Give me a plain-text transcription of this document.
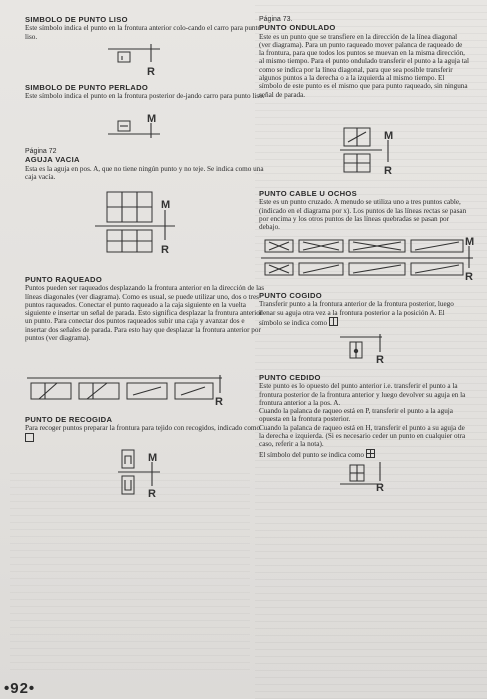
SIMBOLO DE PUNTO LISO

Este símbolo indica el punto en la frontura anterior colo-cando el carro para punto liso.

R

SIMBOLO DE PUNTO PERLADO

Este símbolo indica el punto en la frontura posterior de-jando carro para punto liso.

M

Página 72

AGUJA VACIA

Esta es la aguja en pos. A, que no tiene ningún punto y no teje. Se indica como una caja vacía.

M
R

PUNTO RAQUEADO

Puntos pueden ser raqueados desplazando la frontura anterior en la dirección de las líneas diagonales (ver diagrama). Como es usual, se puede utilizar uno, dos o tres puntos raqueados. Conectar el punto raqueado a la caja siguiente en la vuelta siguiente e insertar un señal de parada. Esto significa desplazar la frontura anterior un punto. Para conectar dos puntos raqueados subir una caja y avanzar dos e insertar dos señales de parada. Para esto hay que desplazar la frontura anterior por puntos (ver diagrama).

R

PUNTO DE RECOGIDA

Para recoger puntos preparar la frontura para tejido con recogidos, indicado como

M
R

Página 73.

PUNTO ONDULADO

Este es un punto que se transfiere en la dirección de la línea diagonal (ver diagrama). Para un punto raqueado mover palanca de raqueado de la frontura, para que todos los puntos se muevan en la misma dirección, al mismo tiempo. Para el punto ondulado transferir el punto a la aguja tal como se indica por la línea diagonal, para que sea posible transferir algunos puntos a la derecha o a la izquierda al mismo tiempo. El símbolo de este punto es el mismo que para punto raqueado, sin ninguna señal de parada.

M
R

PUNTO CABLE U OCHOS

Este es un punto cruzado. A menudo se utiliza uno a tres puntos cable, (indicado en el diagrama por x). Los puntos de las líneas rectas se pasan por encima y los otros puntos de las líneas quebradas se pasan por debajo.

M
R

PUNTO COGIDO

Transferir punto a la frontura anterior de la frontura posterior, luego llenar su aguja otra vez a la frontura posterior a la posición A. El símbolo se indica como

R

PUNTO CEDIDO

Este punto es lo opuesto del punto anterior i.e. transferir el punto a la frontura posterior de la frontura anterior y luego devolver su aguja en la frontura anterior a la pos. A.

Cuando la palanca de raqueo está en P, transferir el punto a la aguja opuesta en la frontura posterior.

Cuando la palanca de raqueo está en H, transferir el punto a su aguja de la derecha e izquierda. (Si es necesario ceder un punto en cualquier otra caso, referir a la nota).

El símbolo del punto se indica como

R
•92•
